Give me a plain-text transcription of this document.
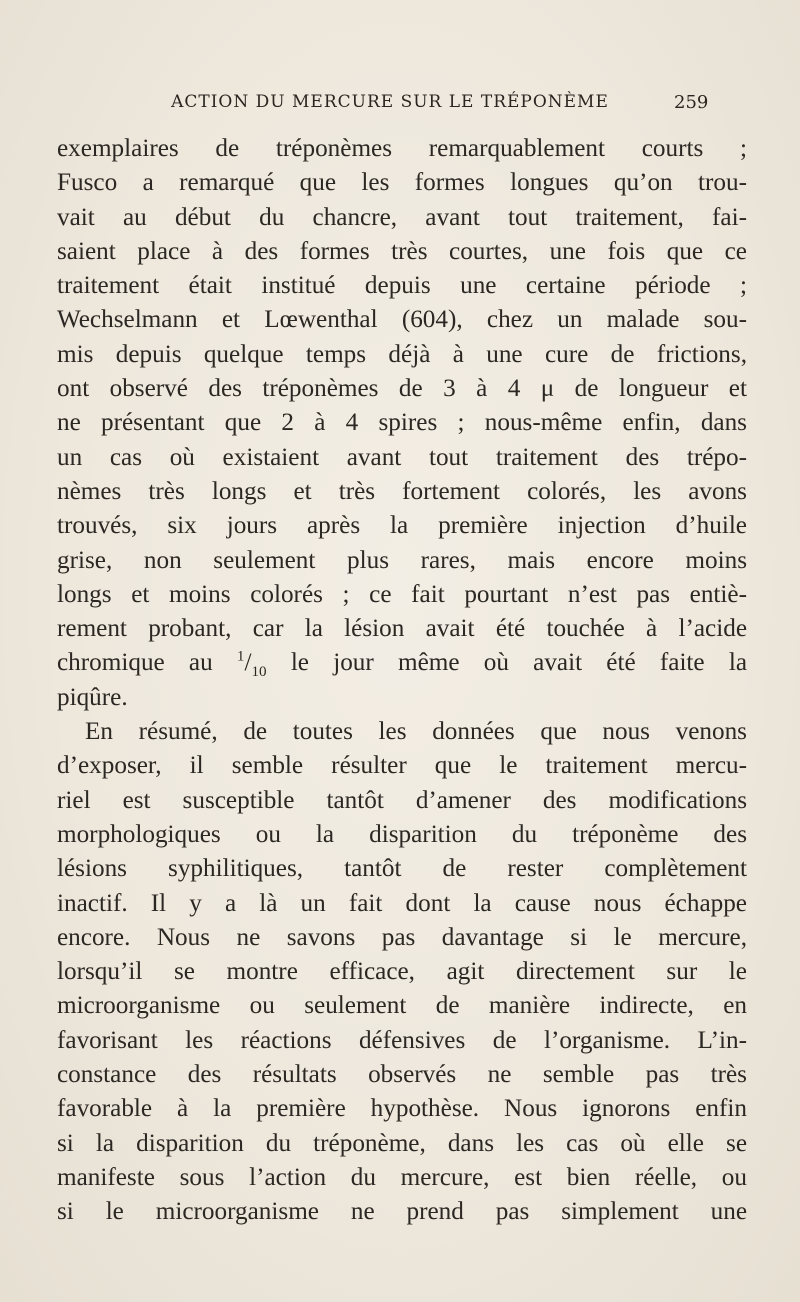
ACTION DU MERCURE SUR LE TRÉPONÈME	259
exemplaires de tréponèmes remarquablement courts ;
Fusco a remarqué que les formes longues qu’on trou-
vait au début du chancre, avant tout traitement, fai-
saient place à des formes très courtes, une fois que ce
traitement était institué depuis une certaine période ;
Wechselmann et Lœwenthal (604), chez un malade sou-
mis depuis quelque temps déjà à une cure de frictions,
ont observé des tréponèmes de 3 à 4 μ de longueur et
ne présentant que 2 à 4 spires ; nous-même enfin, dans
un cas où existaient avant tout traitement des trépo-
nèmes très longs et très fortement colorés, les avons
trouvés, six jours après la première injection d’huile
grise, non seulement plus rares, mais encore moins
longs et moins colorés ; ce fait pourtant n’est pas entiè-
rement probant, car la lésion avait été touchée à l’acide
chromique au $^1/_{10}$ le jour même où avait été faite la
piqûre.
En résumé, de toutes les données que nous venons
d’exposer, il semble résulter que le traitement mercu-
riel est susceptible tantôt d’amener des modifications
morphologiques ou la disparition du tréponème des
lésions syphilitiques, tantôt de rester complètement
inactif. Il y a là un fait dont la cause nous échappe
encore. Nous ne savons pas davantage si le mercure,
lorsqu’il se montre efficace, agit directement sur le
microorganisme ou seulement de manière indirecte, en
favorisant les réactions défensives de l’organisme. L’in-
constance des résultats observés ne semble pas très
favorable à la première hypothèse. Nous ignorons enfin
si la disparition du tréponème, dans les cas où elle se
manifeste sous l’action du mercure, est bien réelle, ou
si le microorganisme ne prend pas simplement une
